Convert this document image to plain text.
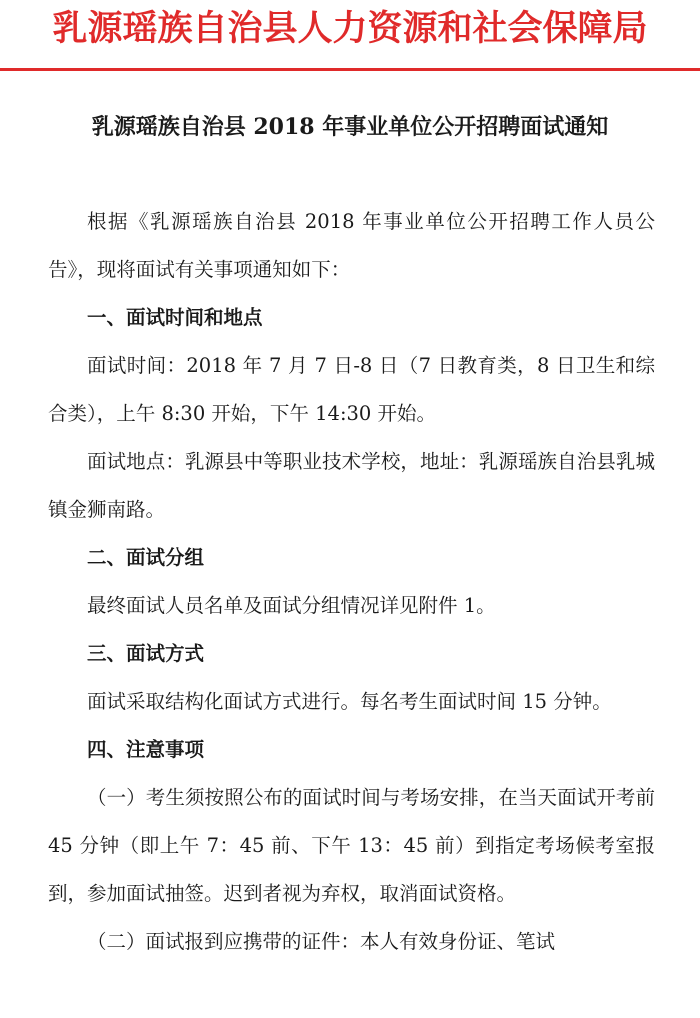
乳源瑶族自治县人力资源和社会保障局
乳源瑶族自治县 2018 年事业单位公开招聘面试通知

根据《乳源瑶族自治县 2018 年事业单位公开招聘工作人员公告》，现将面试有关事项通知如下：

一、面试时间和地点

面试时间：2018 年 7 月 7 日-8 日（7 日教育类，8 日卫生和综合类），上午 8:30 开始，下午 14:30 开始。

面试地点：乳源县中等职业技术学校，地址：乳源瑶族自治县乳城镇金狮南路。

二、面试分组

最终面试人员名单及面试分组情况详见附件 1。

三、面试方式

面试采取结构化面试方式进行。每名考生面试时间 15 分钟。

四、注意事项

（一）考生须按照公布的面试时间与考场安排，在当天面试开考前 45 分钟（即上午 7：45 前、下午 13：45 前）到指定考场候考室报到，参加面试抽签。迟到者视为弃权，取消面试资格。

（二）面试报到应携带的证件：本人有效身份证、笔试
